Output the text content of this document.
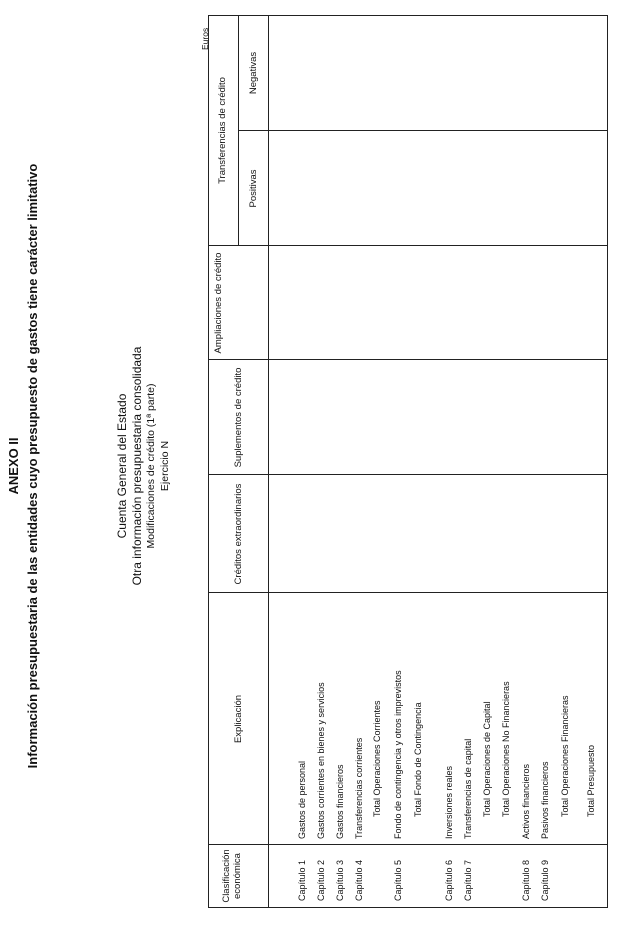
ANEXO II Información presupuestaria de las entidades cuyo presupuesto de gastos tiene carácter limitativo	Cuenta General del Estado Otra información presupuestaria consolidada Modificaciones de crédito (1ª parte) Ejercicio N
Euros
Clasificación económica
Explicación
Créditos extraordinarios
Suplementos de crédito
Ampliaciones de crédito
Transferencias de crédito
Positivas
Negativas
Capítulo 1
Gastos de personal
Capítulo 2
Gastos corrientes en bienes y servicios
Capítulo 3
Gastos financieros
Capítulo 4
Transferencias corrientes Total Operaciones Corrientes
Capítulo 5
Fondo de contingencia y otros imprevistos Total Fondo de Contingencia
Capítulo 6
Inversiones reales
Capítulo 7
Transferencias de capital Total Operaciones de Capital Total Operaciones No Financieras
Capítulo 8
Activos financieros
Capítulo 9
Pasivos financieros Total Operaciones Financieras Total Presupuesto
